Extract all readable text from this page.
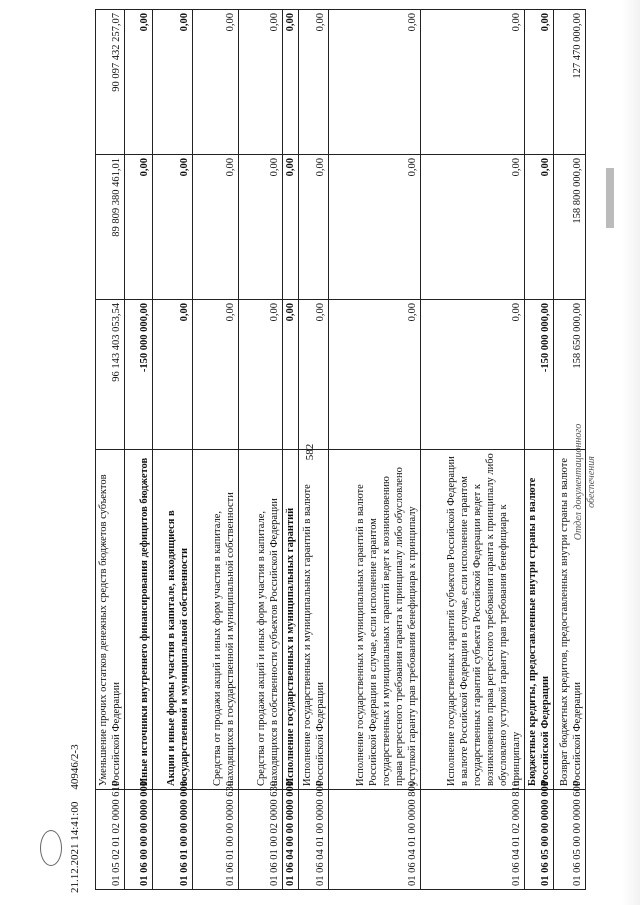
582
01 05 02 01 02 0000 610	Уменьшение прочих остатков денежных средств бюджетов субъектов Российской Федерации	96 143 403 053,54	89 809 380 461,01	90 097 432 257,07
01 06 00 00 00 0000 000	Иные источники внутреннего финансирования дефицитов бюджетов	-150 000 000,00	0,00	0,00
01 06 01 00 00 0000 000	Акции и иные формы участия в капитале, находящиеся в государственной и муниципальной собственности	0,00	0,00	0,00
01 06 01 00 00 0000 630	Средства от продажи акций и иных форм участия в капитале, находящихся в государственной и муниципальной собственности	0,00	0,00	0,00
01 06 01 00 02 0000 630	Средства от продажи акций и иных форм участия в капитале, находящихся в собственности субъектов Российской Федерации	0,00	0,00	0,00
01 06 04 00 00 0000 000	Исполнение государственных и муниципальных гарантий	0,00	0,00	0,00
01 06 04 01 00 0000 000	Исполнение государственных и муниципальных гарантий в валюте Российской Федерации	0,00	0,00	0,00
01 06 04 01 00 0000 800	Исполнение государственных и муниципальных гарантий в валюте Российской Федерации в случае, если исполнение гарантом государственных и муниципальных гарантий ведет к возникновению права регрессного требования гаранта к принципалу либо обусловлено уступкой гаранту прав требования бенефициара к принципалу	0,00	0,00	0,00
01 06 04 01 02 0000 810	Исполнение государственных гарантий субъектов Российской Федерации в валюте Российской Федерации в случае, если исполнение гарантом государственных гарантий субъекта Российской Федерации ведет к возникновению права регрессного требования гаранта к принципалу либо обусловлено уступкой гаранту прав требования бенефициара к принципалу	0,00	0,00	0,00
01 06 05 00 00 0000 000	Бюджетные кредиты, предоставленные внутри страны в валюте Российской Федерации	-150 000 000,00	0,00	0,00
01 06 05 00 00 0000 600	Возврат бюджетных кредитов, предоставленных внутри страны в валюте Российской Федерации	158 650 000,00	158 800 000,00	127 470 000,00
21.12.2021 14:41:00
40946/2-3
Отдел документационного обеспечения
